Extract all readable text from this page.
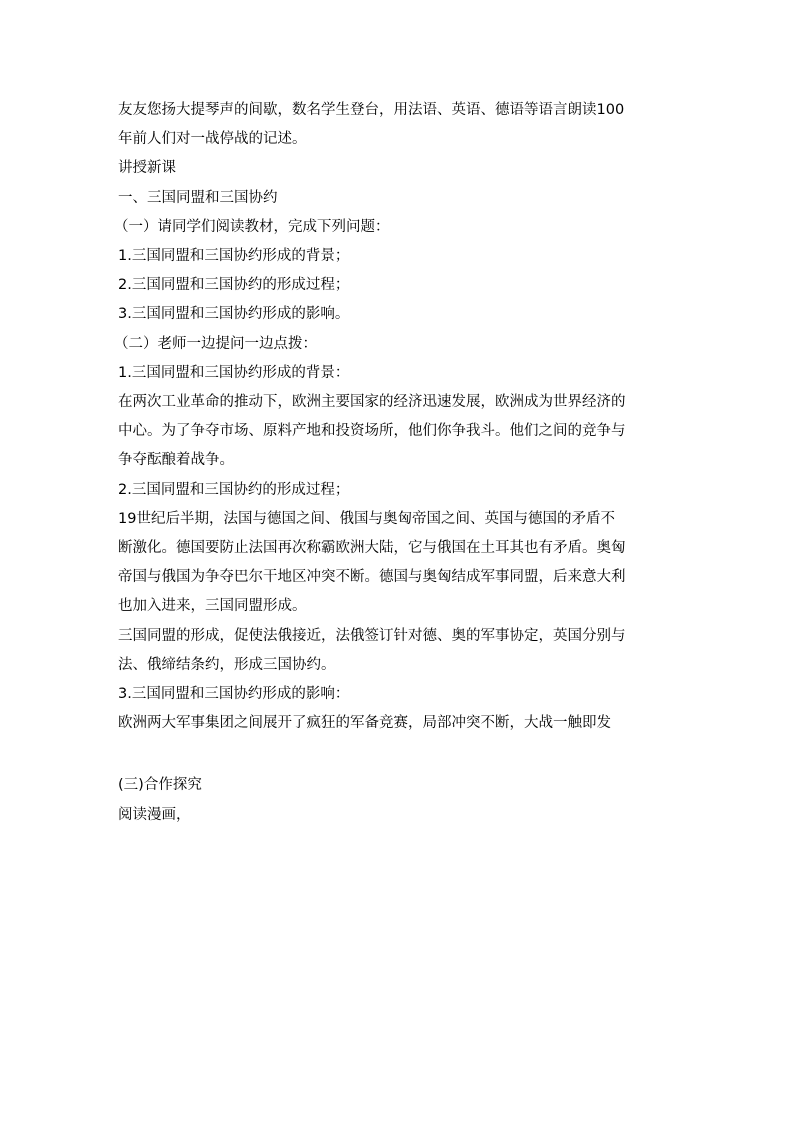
友友您扬大提琴声的间歇，数名学生登台，用法语、英语、德语等语言朗读100
年前人们对一战停战的记述。
讲授新课
一、三国同盟和三国协约
（一）请同学们阅读教材，完成下列问题：
1.三国同盟和三国协约形成的背景；
2.三国同盟和三国协约的形成过程；
3.三国同盟和三国协约形成的影响。
（二）老师一边提问一边点拨：
1.三国同盟和三国协约形成的背景：
在两次工业革命的推动下，欧洲主要国家的经济迅速发展，欧洲成为世界经济的
中心。为了争夺市场、原料产地和投资场所，他们你争我斗。他们之间的竞争与
争夺酝酿着战争。
2.三国同盟和三国协约的形成过程；
19世纪后半期，法国与德国之间、俄国与奥匈帝国之间、英国与德国的矛盾不
断激化。德国要防止法国再次称霸欧洲大陆，它与俄国在土耳其也有矛盾。奥匈
帝国与俄国为争夺巴尔干地区冲突不断。德国与奥匈结成军事同盟，后来意大利
也加入进来，三国同盟形成。
三国同盟的形成，促使法俄接近，法俄签订针对德、奥的军事协定，英国分别与
法、俄缔结条约，形成三国协约。
3.三国同盟和三国协约形成的影响：
欧洲两大军事集团之间展开了疯狂的军备竞赛，局部冲突不断，大战一触即发
(三)合作探究
阅读漫画，
